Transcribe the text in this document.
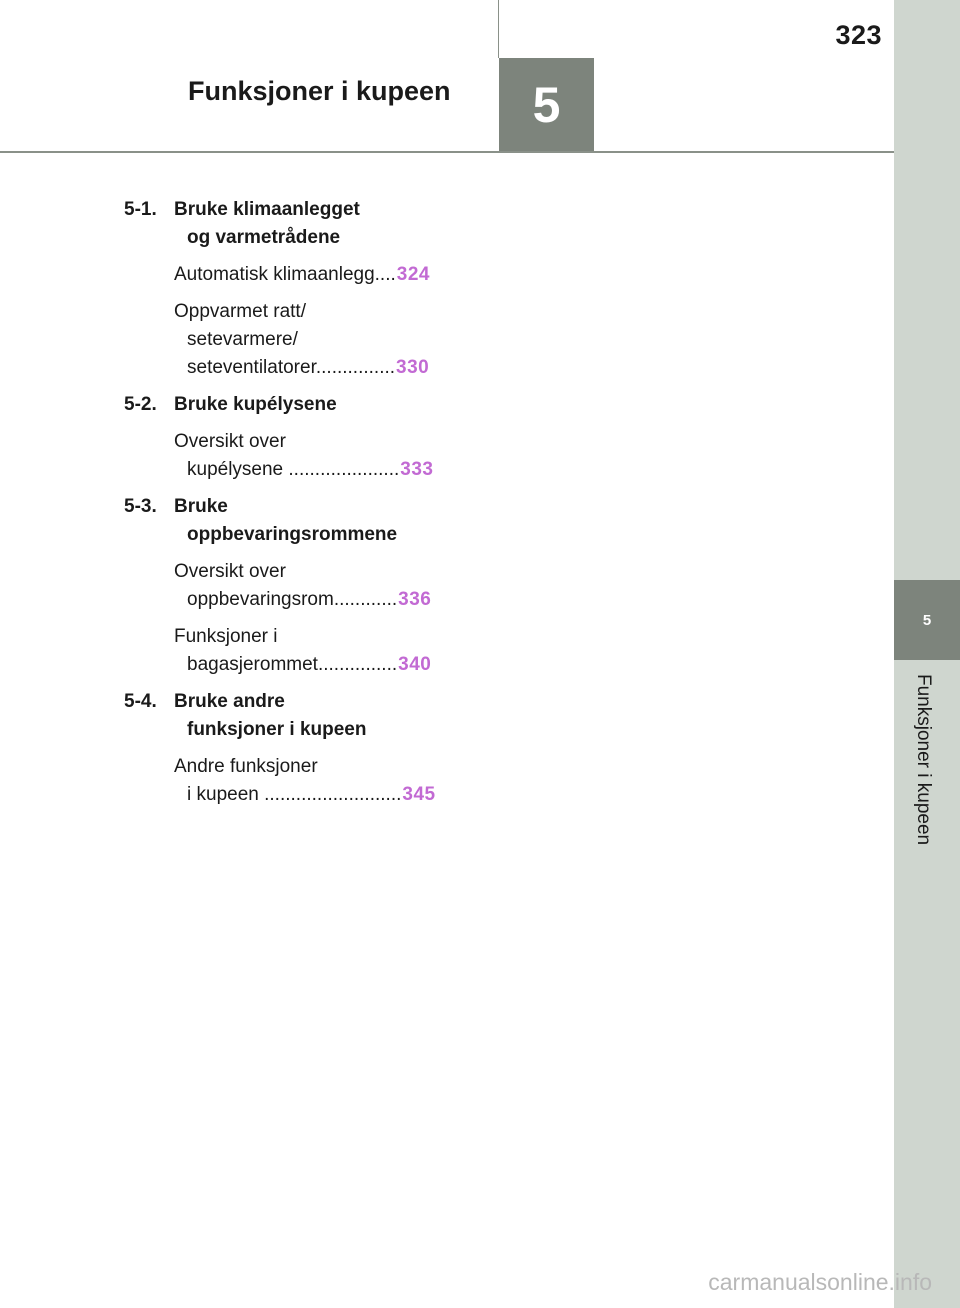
5
Funksjoner i kupeen
323
Funksjoner i kupeen	5
5-1. Bruke klimaanlegget
og varmetrådene
Automatisk klimaanlegg....324
Oppvarmet ratt/
setevarmere/
seteventilatorer...............330
5-2. Bruke kupélysene
Oversikt over
kupélysene .....................333
5-3. Bruke
oppbevaringsrommene
Oversikt over
oppbevaringsrom............336
Funksjoner i
bagasjerommet...............340
5-4. Bruke andre
funksjoner i kupeen
Andre funksjoner
i kupeen ..........................345
carmanualsonline.info
